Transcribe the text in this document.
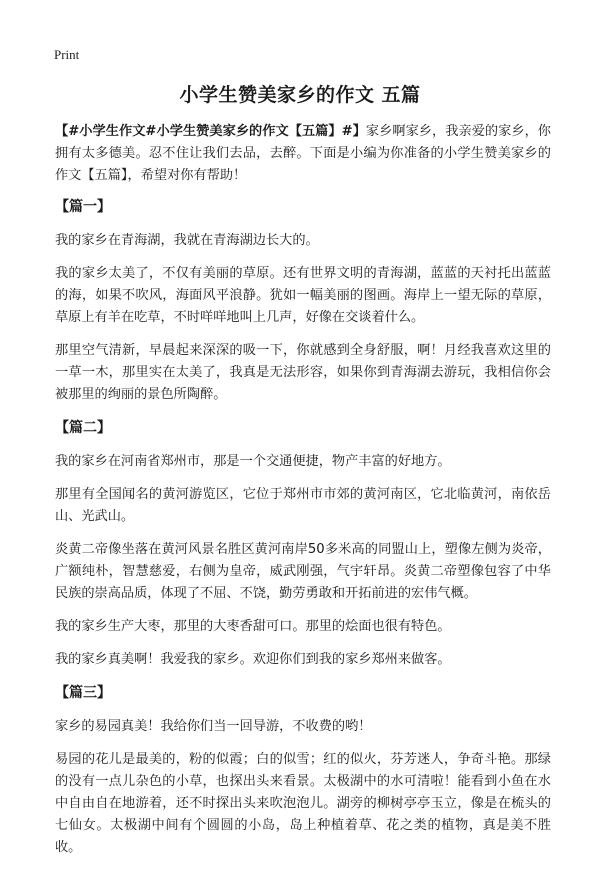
Print
小学生赞美家乡的作文 五篇

【#小学生作文#小学生赞美家乡的作文【五篇】#】家乡啊家乡，我亲爱的家乡，你拥有太多德美。忍不住让我们去品，去醉。下面是小编为你准备的小学生赞美家乡的作文【五篇】，希望对你有帮助！

【篇一】

我的家乡在青海湖，我就在青海湖边长大的。

我的家乡太美了，不仅有美丽的草原。还有世界文明的青海湖，蓝蓝的天衬托出蓝蓝的海，如果不吹风，海面风平浪静。犹如一幅美丽的图画。海岸上一望无际的草原，草原上有羊在吃草，不时咩咩地叫上几声，好像在交谈着什么。

那里空气清新，早晨起来深深的吸一下，你就感到全身舒服，啊！月经我喜欢这里的一草一木，那里实在太美了，我真是无法形容，如果你到青海湖去游玩，我相信你会被那里的绚丽的景色所陶醉。

【篇二】

我的家乡在河南省郑州市，那是一个交通便捷，物产丰富的好地方。

那里有全国闻名的黄河游览区，它位于郑州市市郊的黄河南区，它北临黄河，南依岳山、光武山。

炎黄二帝像坐落在黄河风景名胜区黄河南岸50多米高的同盟山上，塑像左侧为炎帝，广额纯朴，智慧慈爱，右侧为皇帝，威武刚强，气宇轩昂。炎黄二帝塑像包容了中华民族的崇高品质，体现了不屈、不饶，勤劳勇敢和开拓前进的宏伟气概。

我的家乡生产大枣，那里的大枣香甜可口。那里的烩面也很有特色。

我的家乡真美啊！我爱我的家乡。欢迎你们到我的家乡郑州来做客。

【篇三】

家乡的易园真美！我给你们当一回导游，不收费的哟！

易园的花儿是最美的，粉的似霞；白的似雪；红的似火，芬芳迷人，争奇斗艳。那绿的没有一点儿杂色的小草，也探出头来看景。太极湖中的水可清啦！能看到小鱼在水中自由自在地游着，还不时探出头来吹泡泡儿。湖旁的柳树亭亭玉立，像是在梳头的七仙女。太极湖中间有个圆圆的小岛，岛上种植着草、花之类的植物，真是美不胜收。
